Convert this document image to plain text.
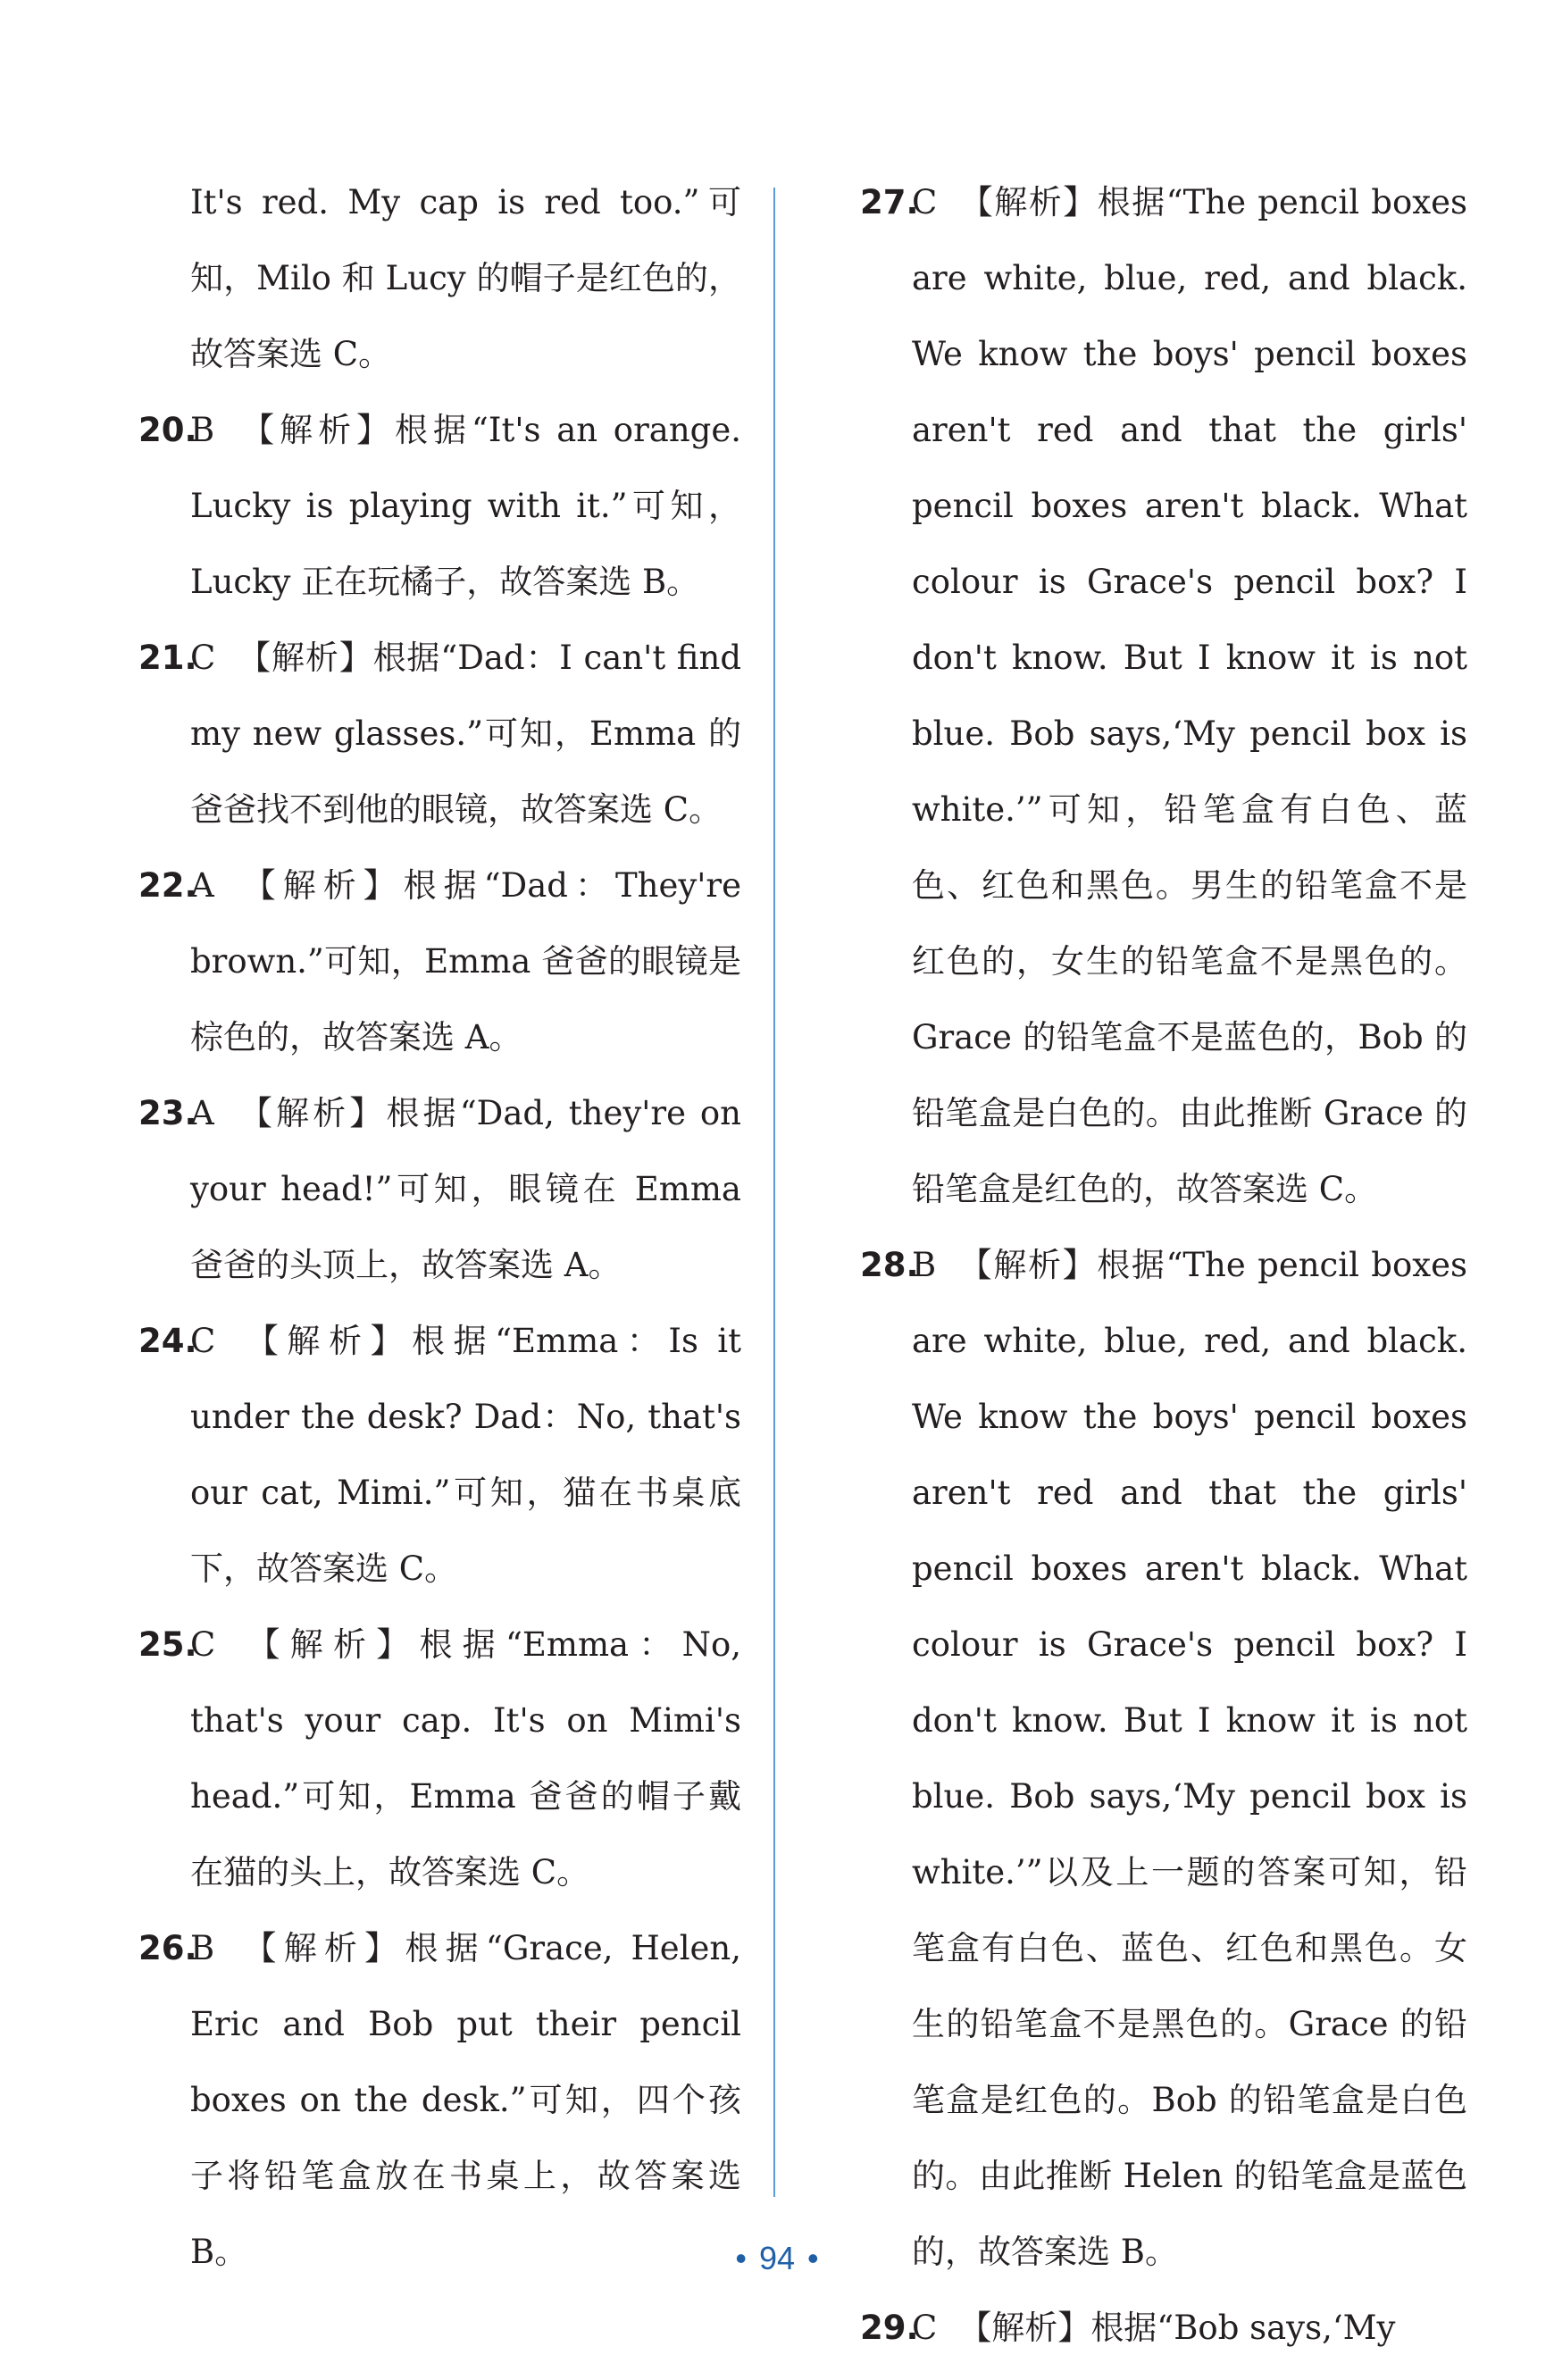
It's red. My cap is red too.”可知，Milo 和 Lucy 的帽子是红色的，故答案选 C。

20.
B 【解析】根据“It's an orange. Lucky is playing with it.”可知，Lucky 正在玩橘子，故答案选 B。

21.
C 【解析】根据“Dad：I can't find my new glasses.”可知，Emma 的爸爸找不到他的眼镜，故答案选 C。

22.
A 【解析】根据“Dad：They're brown.”可知，Emma 爸爸的眼镜是棕色的，故答案选 A。

23.
A 【解析】根据“Dad, they're on your head!”可知，眼镜在 Emma 爸爸的头顶上，故答案选 A。

24.
C 【解析】根据“Emma：Is it under the desk? Dad：No, that's our cat, Mimi.”可知，猫在书桌底下，故答案选 C。

25.
C 【解析】根据“Emma：No, that's your cap. It's on Mimi's head.”可知，Emma 爸爸的帽子戴在猫的头上，故答案选 C。

26.
B 【解析】根据“Grace, Helen, Eric and Bob put their pencil boxes on the desk.”可知，四个孩子将铅笔盒放在书桌上，故答案选 B。

27.
C 【解析】根据“The pencil boxes are white, blue, red, and black. We know the boys' pencil boxes aren't red and that the girls' pencil boxes aren't black. What colour is Grace's pencil box? I don't know. But I know it is not blue. Bob says,‘My pencil box is white.’”可知，铅笔盒有白色、蓝色、红色和黑色。男生的铅笔盒不是红色的，女生的铅笔盒不是黑色的。Grace 的铅笔盒不是蓝色的，Bob 的铅笔盒是白色的。由此推断 Grace 的铅笔盒是红色的，故答案选 C。

28.
B 【解析】根据“The pencil boxes are white, blue, red, and black. We know the boys' pencil boxes aren't red and that the girls' pencil boxes aren't black. What colour is Grace's pencil box? I don't know. But I know it is not blue. Bob says,‘My pencil box is white.’”以及上一题的答案可知，铅笔盒有白色、蓝色、红色和黑色。女生的铅笔盒不是黑色的。Grace 的铅笔盒是红色的。Bob 的铅笔盒是白色的。由此推断 Helen 的铅笔盒是蓝色的，故答案选 B。

29.
C 【解析】根据“Bob says,‘My

• 94 •
